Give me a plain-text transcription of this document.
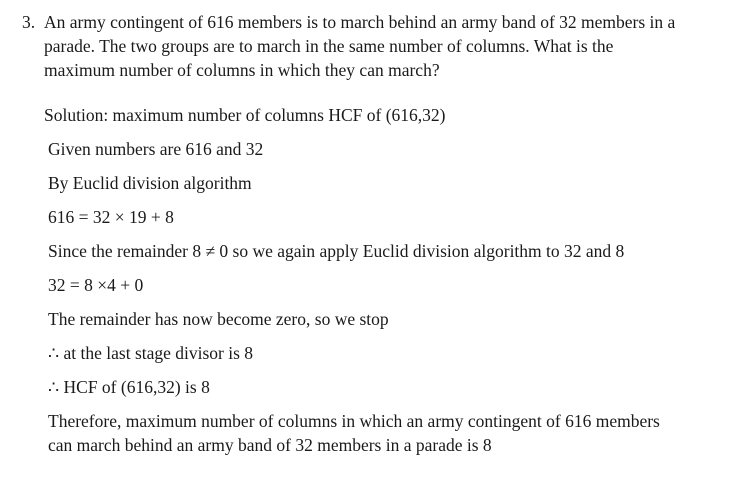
3. An army contingent of 616 members is to march behind an army band of 32 members in a
parade. The two groups are to march in the same number of columns. What is the
maximum number of columns in which they can march?
Solution: maximum number of columns HCF of (616,32)
Given numbers are 616 and 32
By Euclid division algorithm
616 = 32 × 19 + 8
Since the remainder 8 ≠ 0 so we again apply Euclid division algorithm to 32 and 8
32 = 8 ×4 + 0
The remainder has now become zero, so we stop
∴ at the last stage divisor is 8
∴ HCF of (616,32) is 8
Therefore, maximum number of columns in which an army contingent of 616 members
can march behind an army band of 32 members in a parade is 8
